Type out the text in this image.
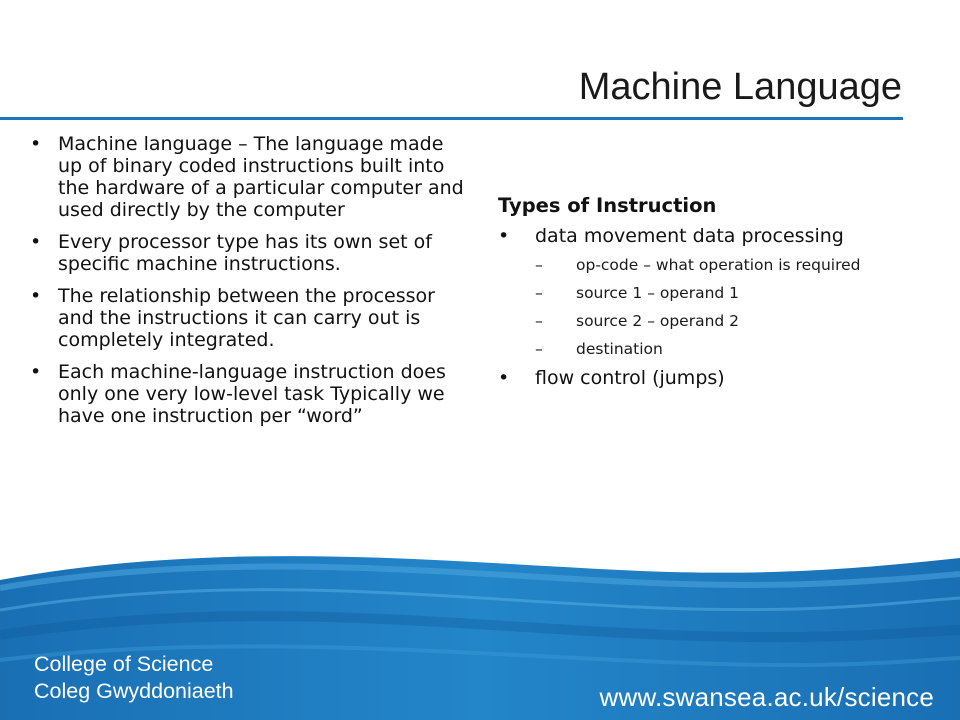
Machine Language
• Machine language – The language made up of binary coded instructions built into the hardware of a particular computer and used directly by the computer
• Every processor type has its own set of specific machine instructions.
• The relationship between the processor and the instructions it can carry out is completely integrated.
• Each machine-language instruction does only one very low-level task Typically we have one instruction per “word”
Types of Instruction
• data movement data processing
– op-code – what operation is required
– source 1 – operand 1
– source 2 – operand 2
– destination
• flow control (jumps)
College of Science
Coleg Gwyddoniaeth	www.swansea.ac.uk/science
